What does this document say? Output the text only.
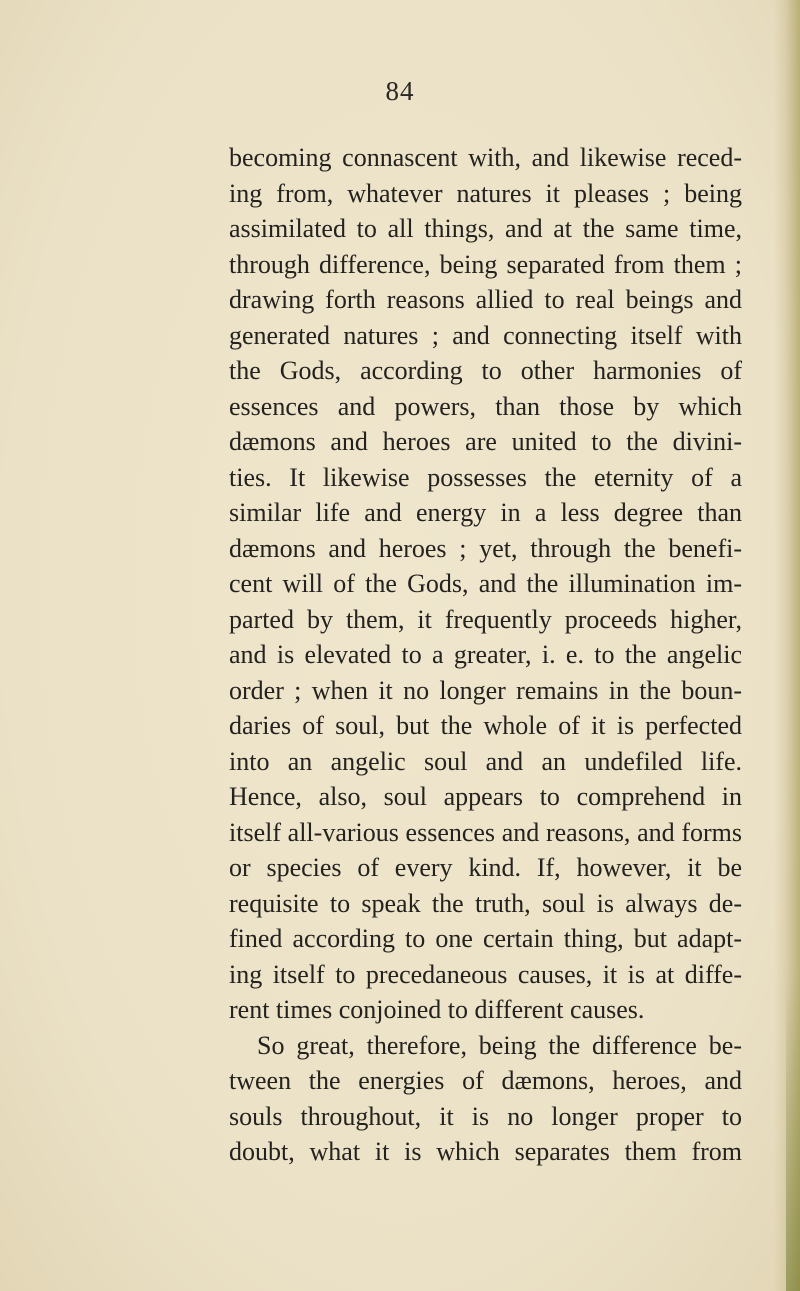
84
becoming connascent with, and likewise reced-
ing from, whatever natures it pleases ; being
assimilated to all things, and at the same time,
through difference, being separated from them ;
drawing forth reasons allied to real beings and
generated natures ; and connecting itself with
the Gods, according to other harmonies of
essences and powers, than those by which
dæmons and heroes are united to the divini-
ties. It likewise possesses the eternity of a
similar life and energy in a less degree than
dæmons and heroes ; yet, through the benefi-
cent will of the Gods, and the illumination im-
parted by them, it frequently proceeds higher,
and is elevated to a greater, i. e. to the angelic
order ; when it no longer remains in the boun-
daries of soul, but the whole of it is perfected
into an angelic soul and an undefiled life.
Hence, also, soul appears to comprehend in
itself all-various essences and reasons, and forms
or species of every kind. If, however, it be
requisite to speak the truth, soul is always de-
fined according to one certain thing, but adapt-
ing itself to precedaneous causes, it is at diffe-
rent times conjoined to different causes.
So great, therefore, being the difference be-
tween the energies of dæmons, heroes, and
souls throughout, it is no longer proper to
doubt, what it is which separates them from
